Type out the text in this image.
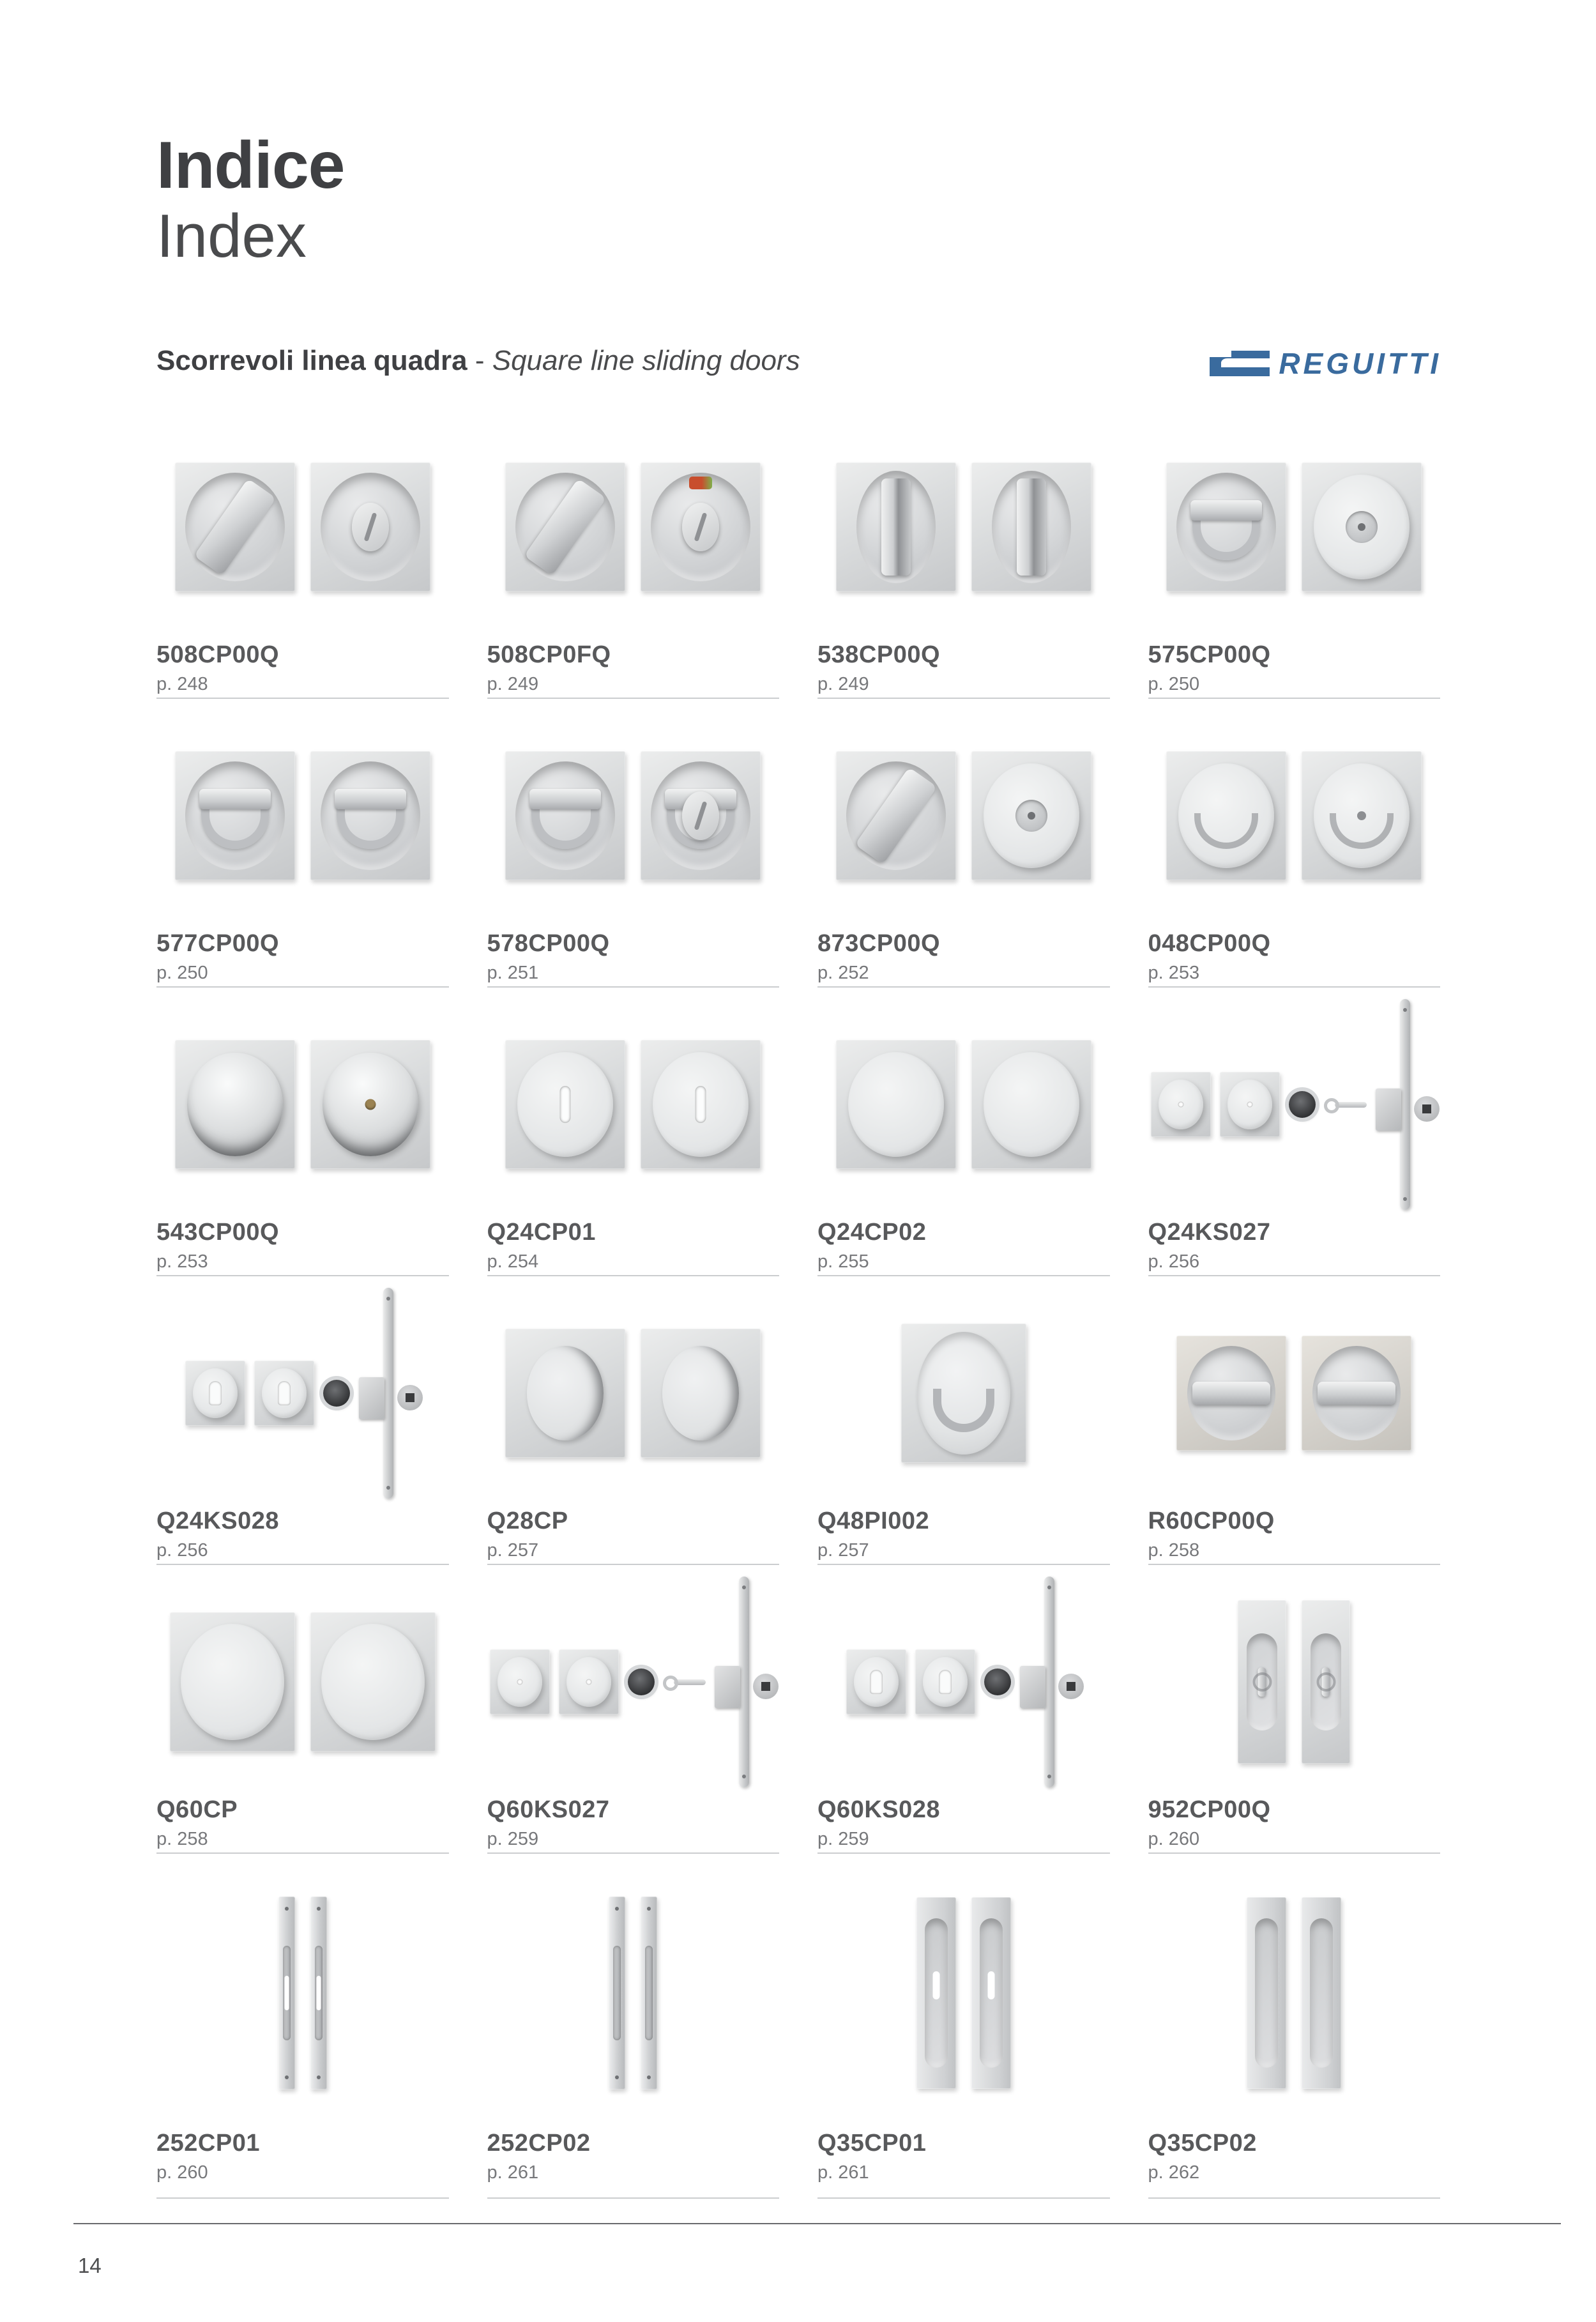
Indice
Index
Scorrevoli linea quadra - Square line sliding doors	REGUITTI
508CP00Q
p. 248
508CP0FQ
p. 249
538CP00Q
p. 249
575CP00Q
p. 250
577CP00Q
p. 250
578CP00Q
p. 251
873CP00Q
p. 252
048CP00Q
p. 253
543CP00Q
p. 253
Q24CP01
p. 254
Q24CP02
p. 255
Q24KS027
p. 256
Q24KS028
p. 256
Q28CP
p. 257
Q48PI002
p. 257
R60CP00Q
p. 258
Q60CP
p. 258
Q60KS027
p. 259
Q60KS028
p. 259
952CP00Q
p. 260
252CP01
p. 260
252CP02
p. 261
Q35CP01
p. 261
Q35CP02
p. 262
14
